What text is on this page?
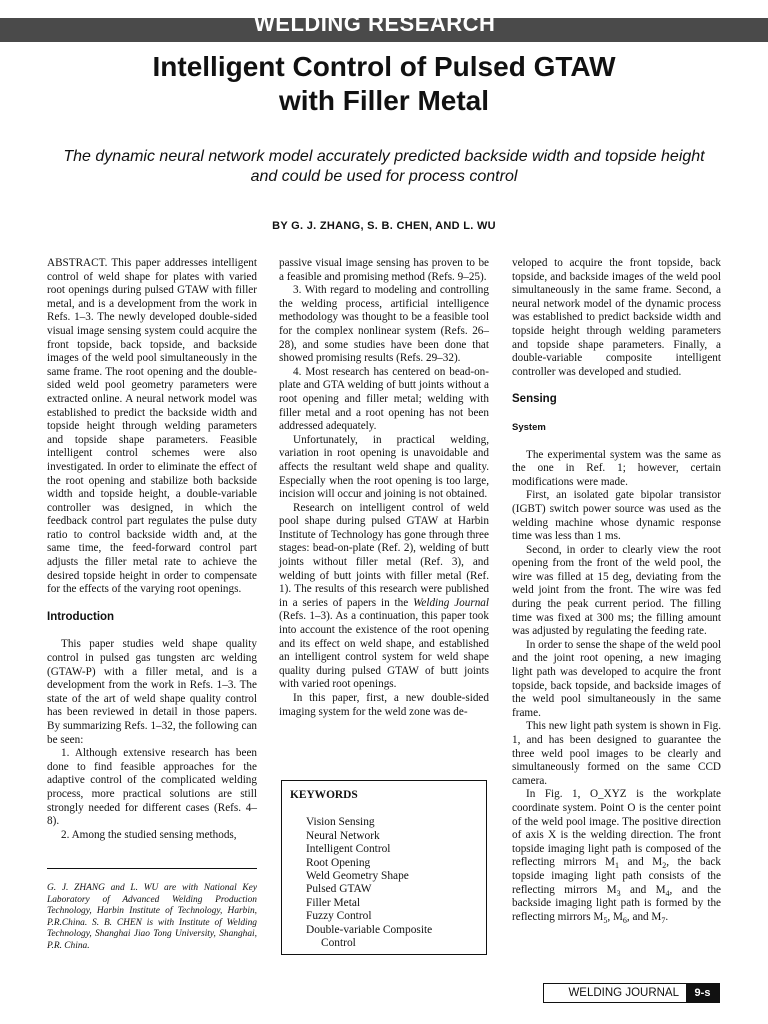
WELDING RESEARCH
Intelligent Control of Pulsed GTAW
with Filler Metal
The dynamic neural network model accurately predicted backside width and topside height and could be used for process control
BY G. J. ZHANG, S. B. CHEN, AND L. WU

ABSTRACT. This paper addresses intelligent control of weld shape for plates with varied root openings during pulsed GTAW with filler metal, and is a development from the work in Refs. 1–3. The newly developed double-sided visual image sensing system could acquire the front topside, back topside, and backside images of the weld pool simultaneously in the same frame. The root opening and the double-sided weld pool geometry parameters were extracted online. A neural network model was established to predict the backside width and topside height through welding parameters and topside shape parameters. Feasible intelligent control schemes were also investigated. In order to eliminate the effect of the root opening and stabilize both backside width and topside height, a double-variable controller was designed, in which the feedback control part regulates the pulse duty ratio to control backside width and, at the same time, the feed-forward control part adjusts the filler metal rate to achieve the desired topside height in order to compensate for the effects of the varying root openings.

Introduction

This paper studies weld shape quality control in pulsed gas tungsten arc welding (GTAW-P) with a filler metal, and is a development from the work in Refs. 1–3. The state of the art of weld shape quality control has been reviewed in detail in those papers. By summarizing Refs. 1–32, the following can be seen:

1. Although extensive research has been done to find feasible approaches for the adaptive control of the complicated welding process, more practical solutions are still strongly needed for different cases (Refs. 4–8).

2. Among the studied sensing methods,

G. J. ZHANG and L. WU are with National Key Laboratory of Advanced Welding Production Technology, Harbin Institute of Technology, Harbin, P.R.China. S. B. CHEN is with Institute of Welding Technology, Shanghai Jiao Tong University, Shanghai, P.R. China.

passive visual image sensing has proven to be a feasible and promising method (Refs. 9–25).

3. With regard to modeling and controlling the welding process, artificial intelligence methodology was thought to be a feasible tool for the complex nonlinear system (Refs. 26–28), and some studies have been done that showed promising results (Refs. 29–32).

4. Most research has centered on bead-on-plate and GTA welding of butt joints without a root opening and filler metal; welding with filler metal and a root opening has not been addressed adequately.

Unfortunately, in practical welding, variation in root opening is unavoidable and affects the resultant weld shape and quality. Especially when the root opening is too large, incision will occur and joining is not obtained.

Research on intelligent control of weld pool shape during pulsed GTAW at Harbin Institute of Technology has gone through three stages: bead-on-plate (Ref. 2), welding of butt joints without filler metal (Ref. 3), and welding of butt joints with filler metal (Ref. 1). The results of this research were published in a series of papers in the Welding Journal (Refs. 1–3). As a continuation, this paper took into account the existence of the root opening and its effect on weld shape, and established an intelligent control system for weld shape quality during pulsed GTAW of butt joints with varied root openings.

In this paper, first, a new double-sided imaging system for the weld zone was de-

KEYWORDS
Vision Sensing
Neural Network
Intelligent Control
Root Opening
Weld Geometry Shape
Pulsed GTAW
Filler Metal
Fuzzy Control
Double-variable Composite
Control

veloped to acquire the front topside, back topside, and backside images of the weld pool simultaneously in the same frame. Second, a neural network model of the dynamic process was established to predict backside width and topside height through welding parameters and topside shape parameters. Finally, a double-variable composite intelligent controller was developed and studied.

Sensing
System

The experimental system was the same as the one in Ref. 1; however, certain modifications were made.

First, an isolated gate bipolar transistor (IGBT) switch power source was used as the welding machine whose dynamic response time was less than 1 ms.

Second, in order to clearly view the root opening from the front of the weld pool, the wire was filled at 15 deg, deviating from the weld joint from the front. The wire was fed during the peak current period. The filling time was fixed at 300 ms; the filling amount was adjusted by regulating the feeding rate.

In order to sense the shape of the weld pool and the joint root opening, a new imaging light path was developed to acquire the front topside, back topside, and backside images of the weld pool simultaneously in the same frame.

This new light path system is shown in Fig. 1, and has been designed to guarantee the three weld pool images to be clearly and simultaneously formed on the same CCD camera.

In Fig. 1, O_XYZ is the workplate coordinate system. Point O is the center point of the weld pool image. The positive direction of axis X is the welding direction. The front topside imaging light path is composed of the reflecting mirrors $M_1$ and $M_2$, the back topside imaging light path consists of the reflecting mirrors $M_3$ and $M_4$, and the backside imaging light path is formed by the reflecting mirrors $M_5$, $M_6$, and $M_7$.

WELDING JOURNAL	9-s
